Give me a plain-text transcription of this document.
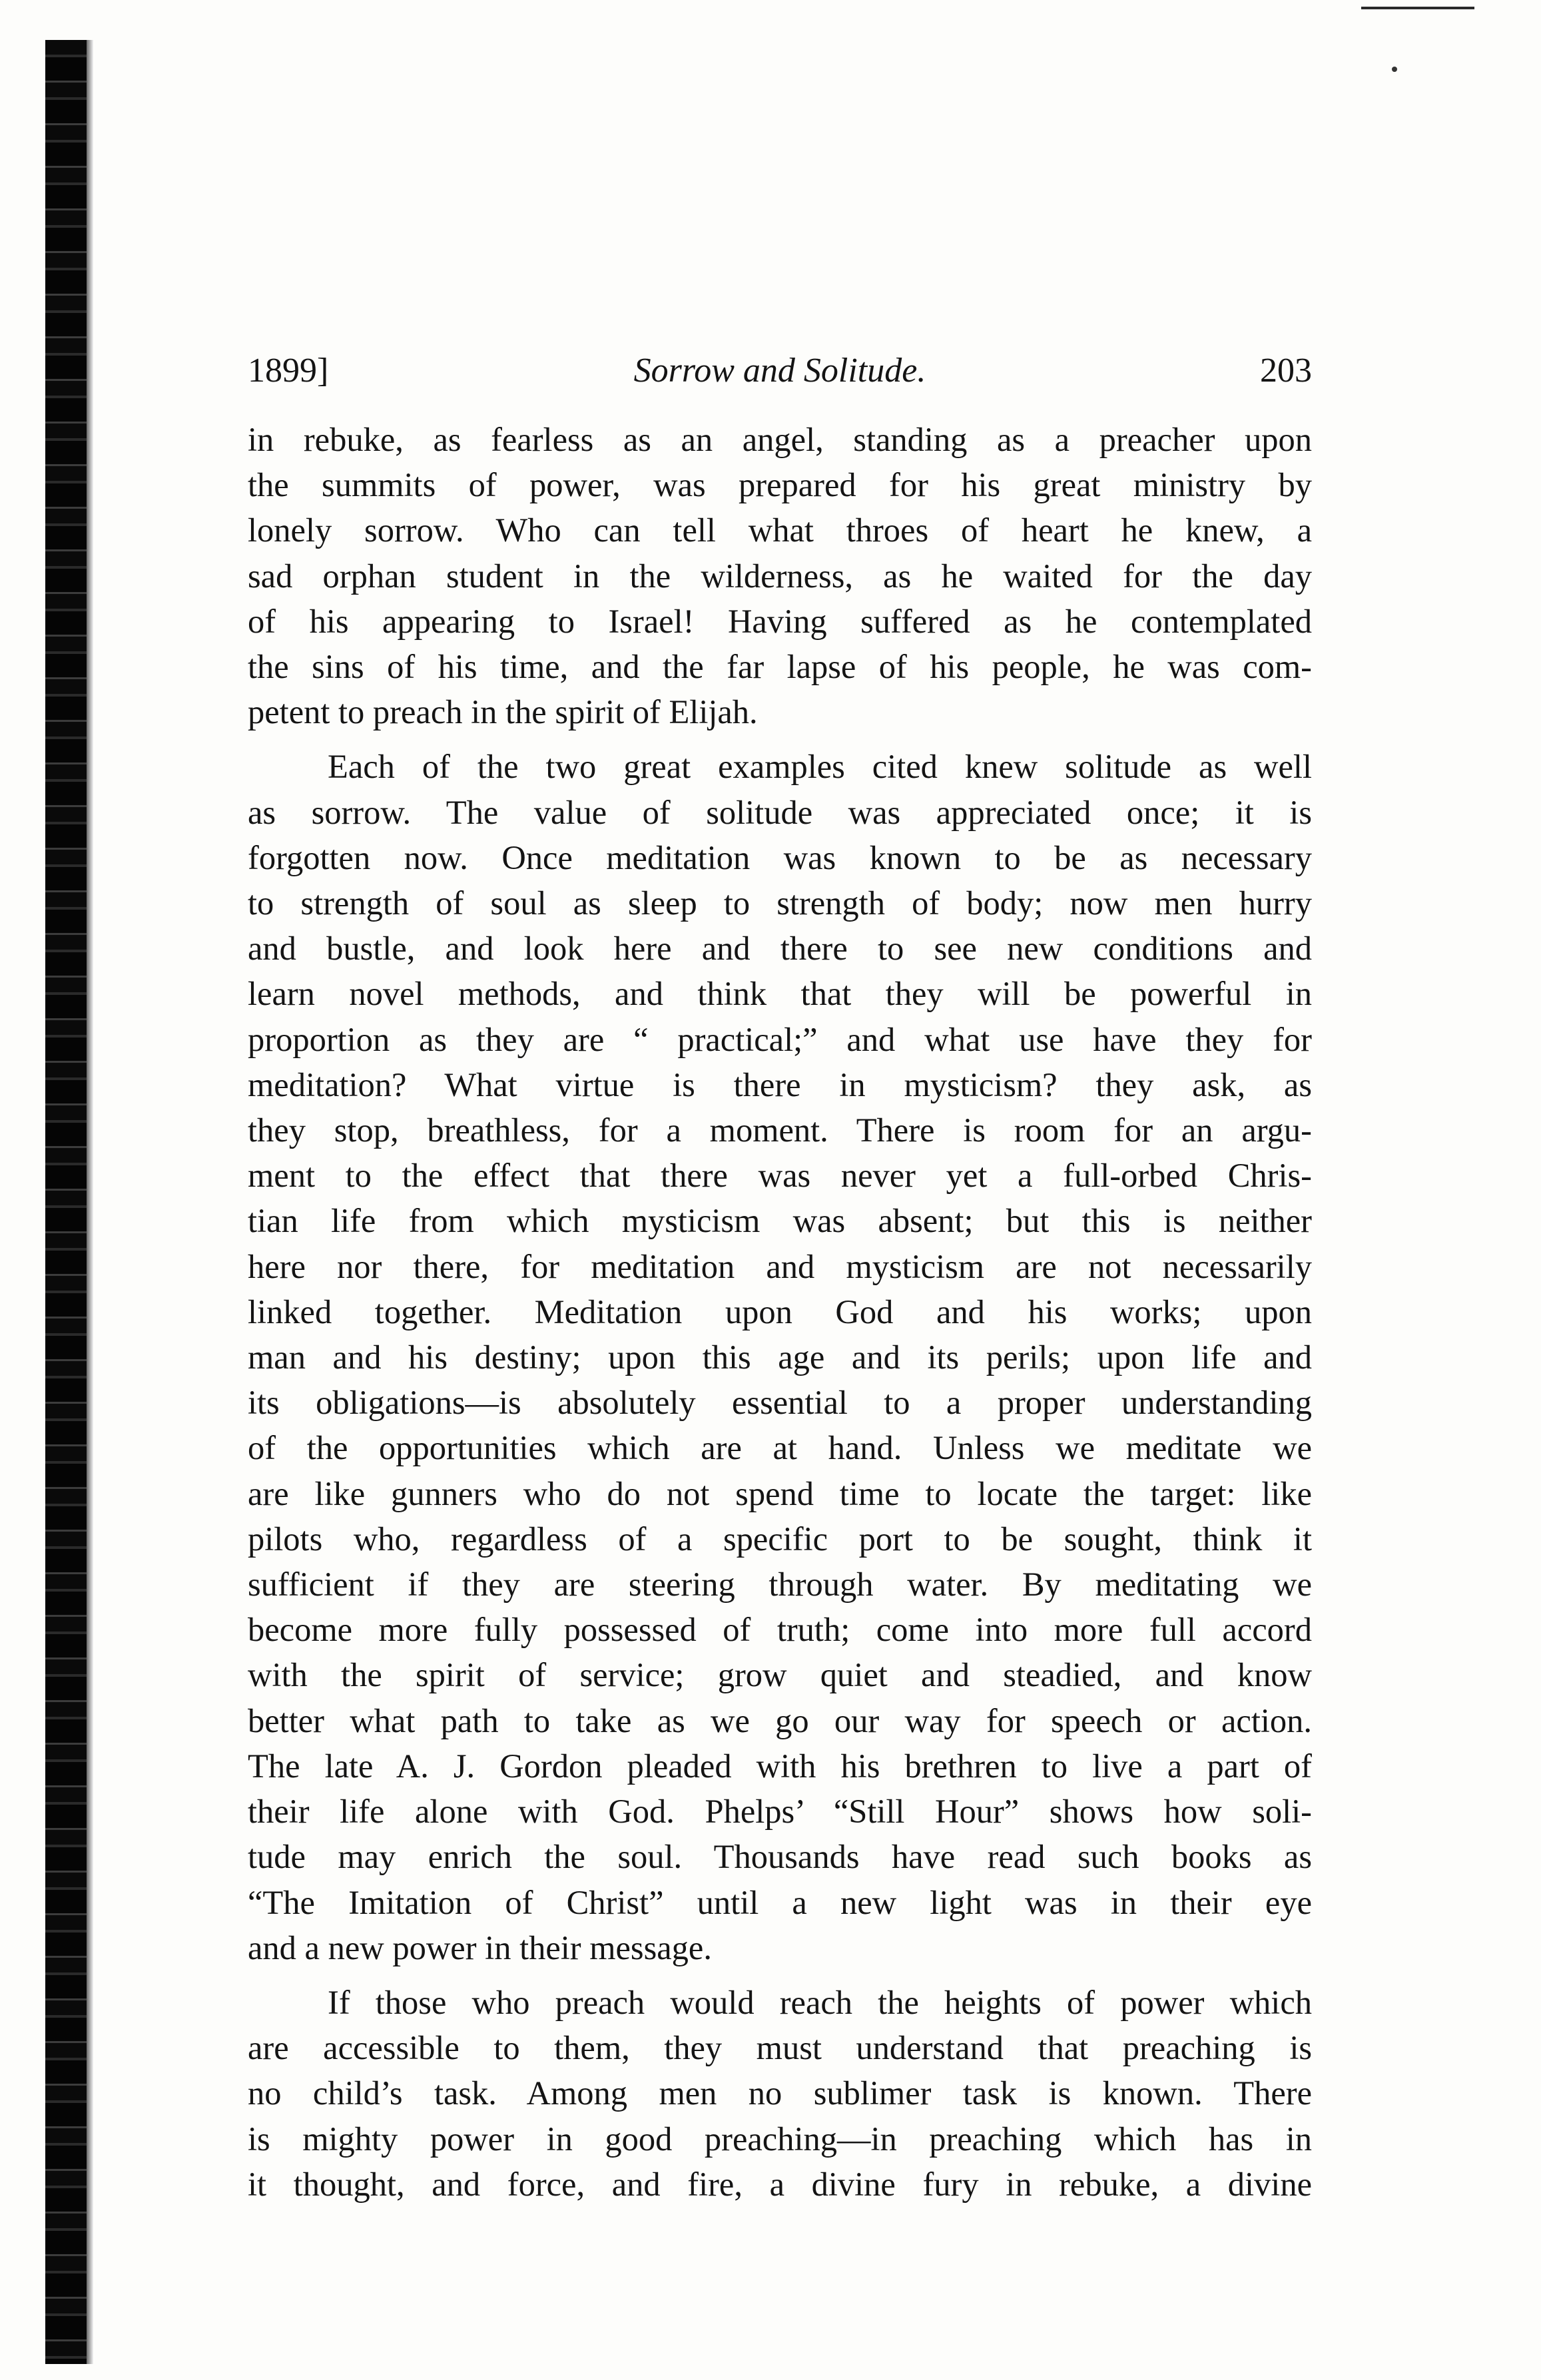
1899]	Sorrow and Solitude.	203

in rebuke, as fearless as an angel, standing as a preacher upon
the summits of power, was prepared for his great ministry by
lonely sorrow. Who can tell what throes of heart he knew, a
sad orphan student in the wilderness, as he waited for the day
of his appearing to Israel! Having suffered as he contemplated
the sins of his time, and the far lapse of his people, he was com-
petent to preach in the spirit of Elijah.

Each of the two great examples cited knew solitude as well
as sorrow. The value of solitude was appreciated once; it is
forgotten now. Once meditation was known to be as necessary
to strength of soul as sleep to strength of body; now men hurry
and bustle, and look here and there to see new conditions and
learn novel methods, and think that they will be powerful in
proportion as they are “ practical;” and what use have they for
meditation? What virtue is there in mysticism? they ask, as
they stop, breathless, for a moment. There is room for an argu-
ment to the effect that there was never yet a full-orbed Chris-
tian life from which mysticism was absent; but this is neither
here nor there, for meditation and mysticism are not necessarily
linked together. Meditation upon God and his works; upon
man and his destiny; upon this age and its perils; upon life and
its obligations—is absolutely essential to a proper understanding
of the opportunities which are at hand. Unless we meditate we
are like gunners who do not spend time to locate the target: like
pilots who, regardless of a specific port to be sought, think it
sufficient if they are steering through water. By meditating we
become more fully possessed of truth; come into more full accord
with the spirit of service; grow quiet and steadied, and know
better what path to take as we go our way for speech or action.
The late A. J. Gordon pleaded with his brethren to live a part of
their life alone with God. Phelps’ “Still Hour” shows how soli-
tude may enrich the soul. Thousands have read such books as
“The Imitation of Christ” until a new light was in their eye
and a new power in their message.

If those who preach would reach the heights of power which
are accessible to them, they must understand that preaching is
no child’s task. Among men no sublimer task is known. There
is mighty power in good preaching—in preaching which has in
it thought, and force, and fire, a divine fury in rebuke, a divine
